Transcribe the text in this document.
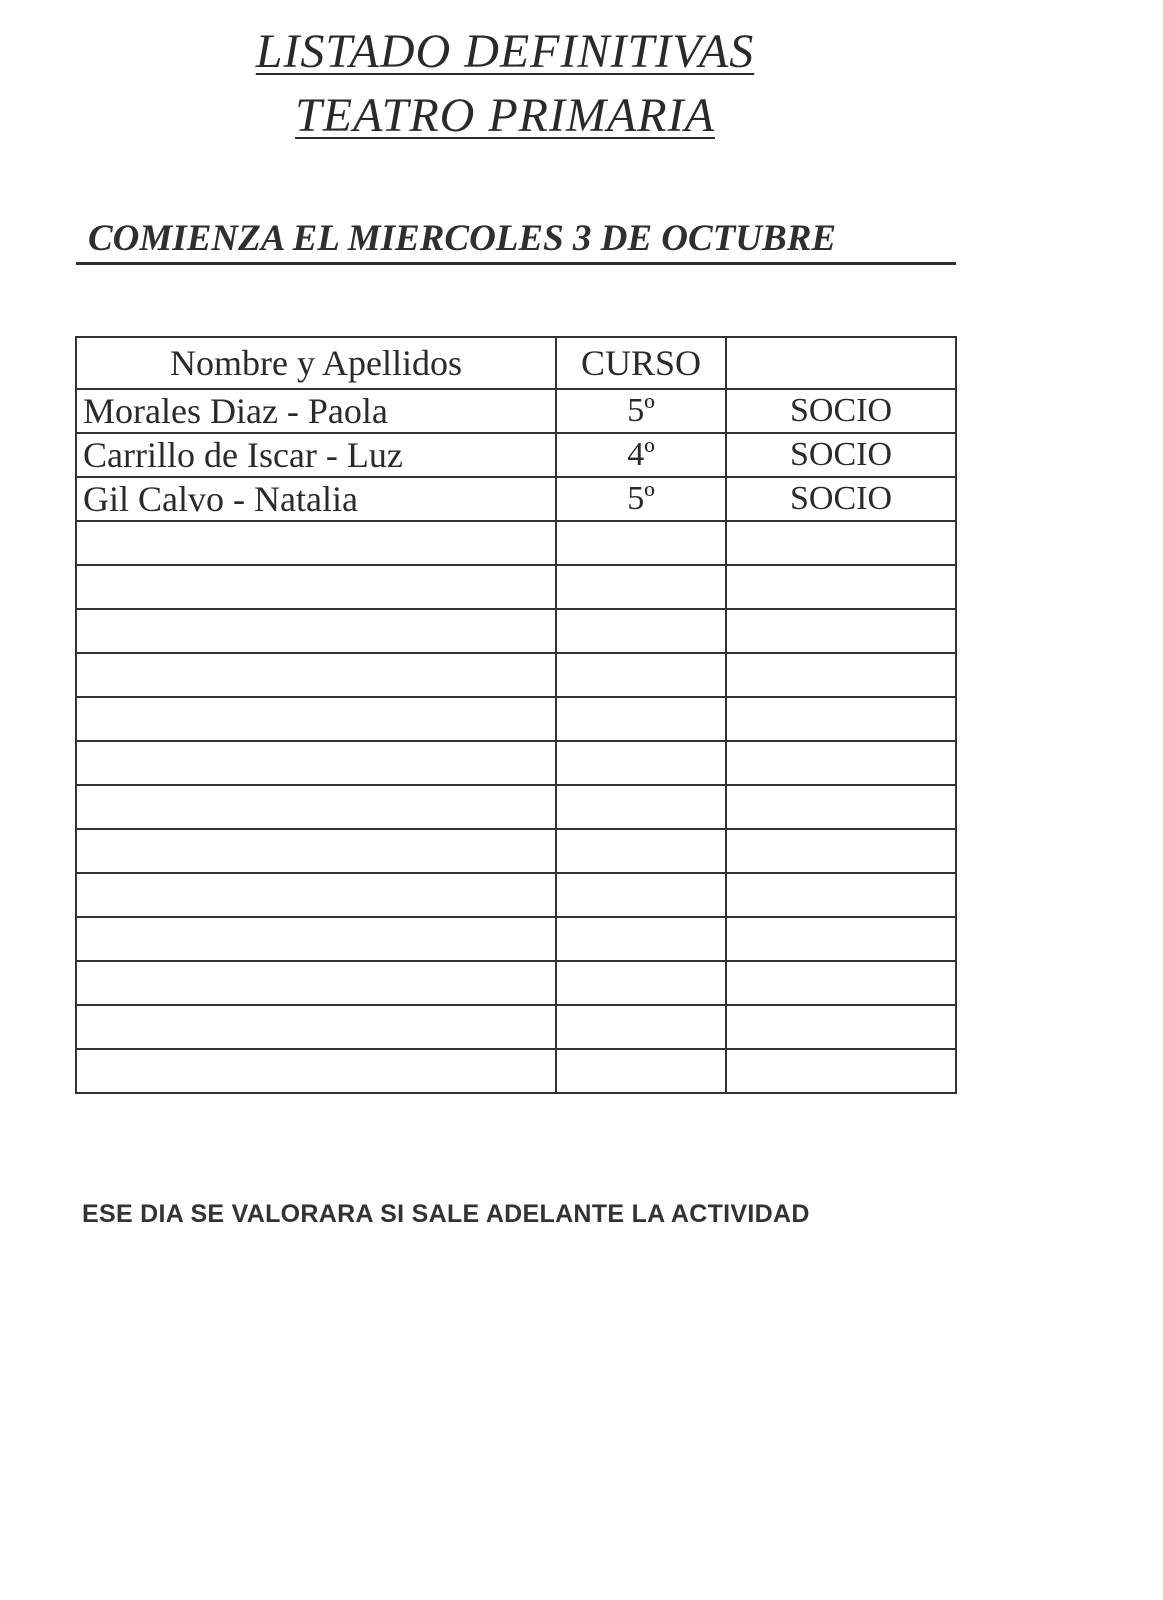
LISTADO DEFINITIVAS
TEATRO PRIMARIA
COMIENZA EL MIERCOLES 3 DE OCTUBRE
Nombre y Apellidos	CURSO	
Morales Diaz - Paola	5º	SOCIO
Carrillo de Iscar - Luz	4º	SOCIO
Gil Calvo - Natalia	5º	SOCIO

ESE DIA SE VALORARA SI SALE ADELANTE LA ACTIVIDAD
